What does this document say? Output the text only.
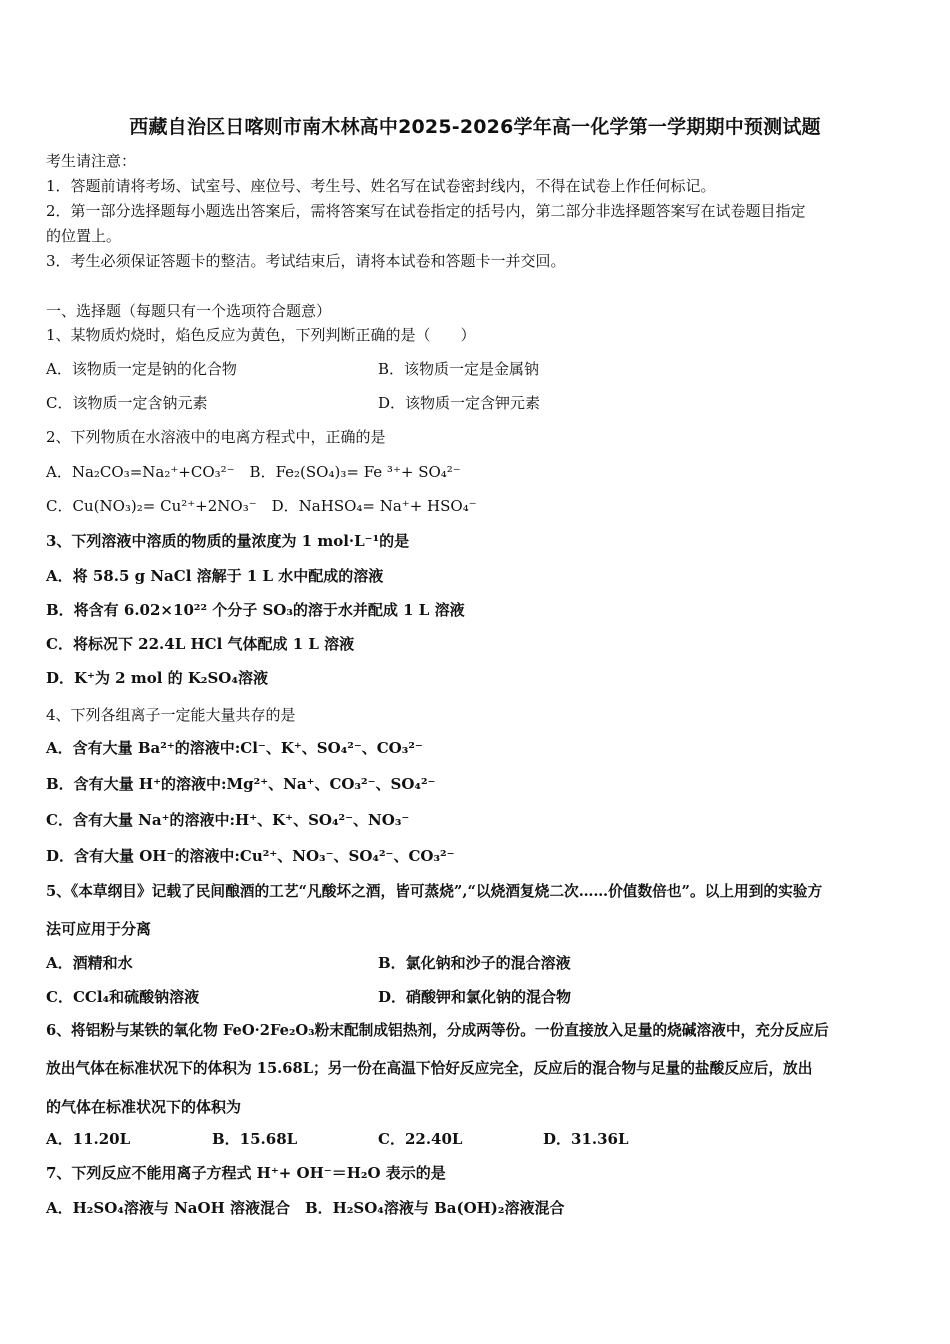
西藏自治区日喀则市南木林高中2025-2026学年高一化学第一学期期中预测试题
考生请注意：
1．答题前请将考场、试室号、座位号、考生号、姓名写在试卷密封线内，不得在试卷上作任何标记。
2．第一部分选择题每小题选出答案后，需将答案写在试卷指定的括号内，第二部分非选择题答案写在试卷题目指定
的位置上。
3．考生必须保证答题卡的整洁。考试结束后，请将本试卷和答题卡一并交回。
一、选择题（每题只有一个选项符合题意）
1、某物质灼烧时，焰色反应为黄色，下列判断正确的是（　　）
A．该物质一定是钠的化合物	B．该物质一定是金属钠
C．该物质一定含钠元素	D．该物质一定含钾元素
2、下列物质在水溶液中的电离方程式中，正确的是
A．Na₂CO₃=Na₂⁺+CO₃²⁻　B．Fe₂(SO₄)₃= Fe ³⁺+ SO₄²⁻
C．Cu(NO₃)₂= Cu²⁺+2NO₃⁻　D．NaHSO₄= Na⁺+ HSO₄⁻
3、下列溶液中溶质的物质的量浓度为 1 mol·L⁻¹的是
A．将 58.5 g NaCl 溶解于 1 L 水中配成的溶液
B．将含有 6.02×10²² 个分子 SO₃的溶于水并配成 1 L 溶液
C．将标况下 22.4L HCl 气体配成 1 L 溶液
D．K⁺为 2 mol 的 K₂SO₄溶液
4、下列各组离子一定能大量共存的是
A．含有大量 Ba²⁺的溶液中:Cl⁻、K⁺、SO₄²⁻、CO₃²⁻
B．含有大量 H⁺的溶液中:Mg²⁺、Na⁺、CO₃²⁻、SO₄²⁻
C．含有大量 Na⁺的溶液中:H⁺、K⁺、SO₄²⁻、NO₃⁻
D．含有大量 OH⁻的溶液中:Cu²⁺、NO₃⁻、SO₄²⁻、CO₃²⁻
5、《本草纲目》记载了民间酿酒的工艺“凡酸坏之酒，皆可蒸烧”,“以烧酒复烧二次……价值数倍也”。以上用到的实验方
法可应用于分离
A．酒精和水	B．氯化钠和沙子的混合溶液
C．CCl₄和硫酸钠溶液	D．硝酸钾和氯化钠的混合物
6、将铝粉与某铁的氧化物 FeO·2Fe₂O₃粉末配制成铝热剂，分成两等份。一份直接放入足量的烧碱溶液中，充分反应后
放出气体在标准状况下的体积为 15.68L；另一份在高温下恰好反应完全，反应后的混合物与足量的盐酸反应后，放出
的气体在标准状况下的体积为
A．11.20L	B．15.68L	C．22.40L	D．31.36L
7、下列反应不能用离子方程式 H⁺+ OH⁻＝H₂O 表示的是
A．H₂SO₄溶液与 NaOH 溶液混合　B．H₂SO₄溶液与 Ba(OH)₂溶液混合
